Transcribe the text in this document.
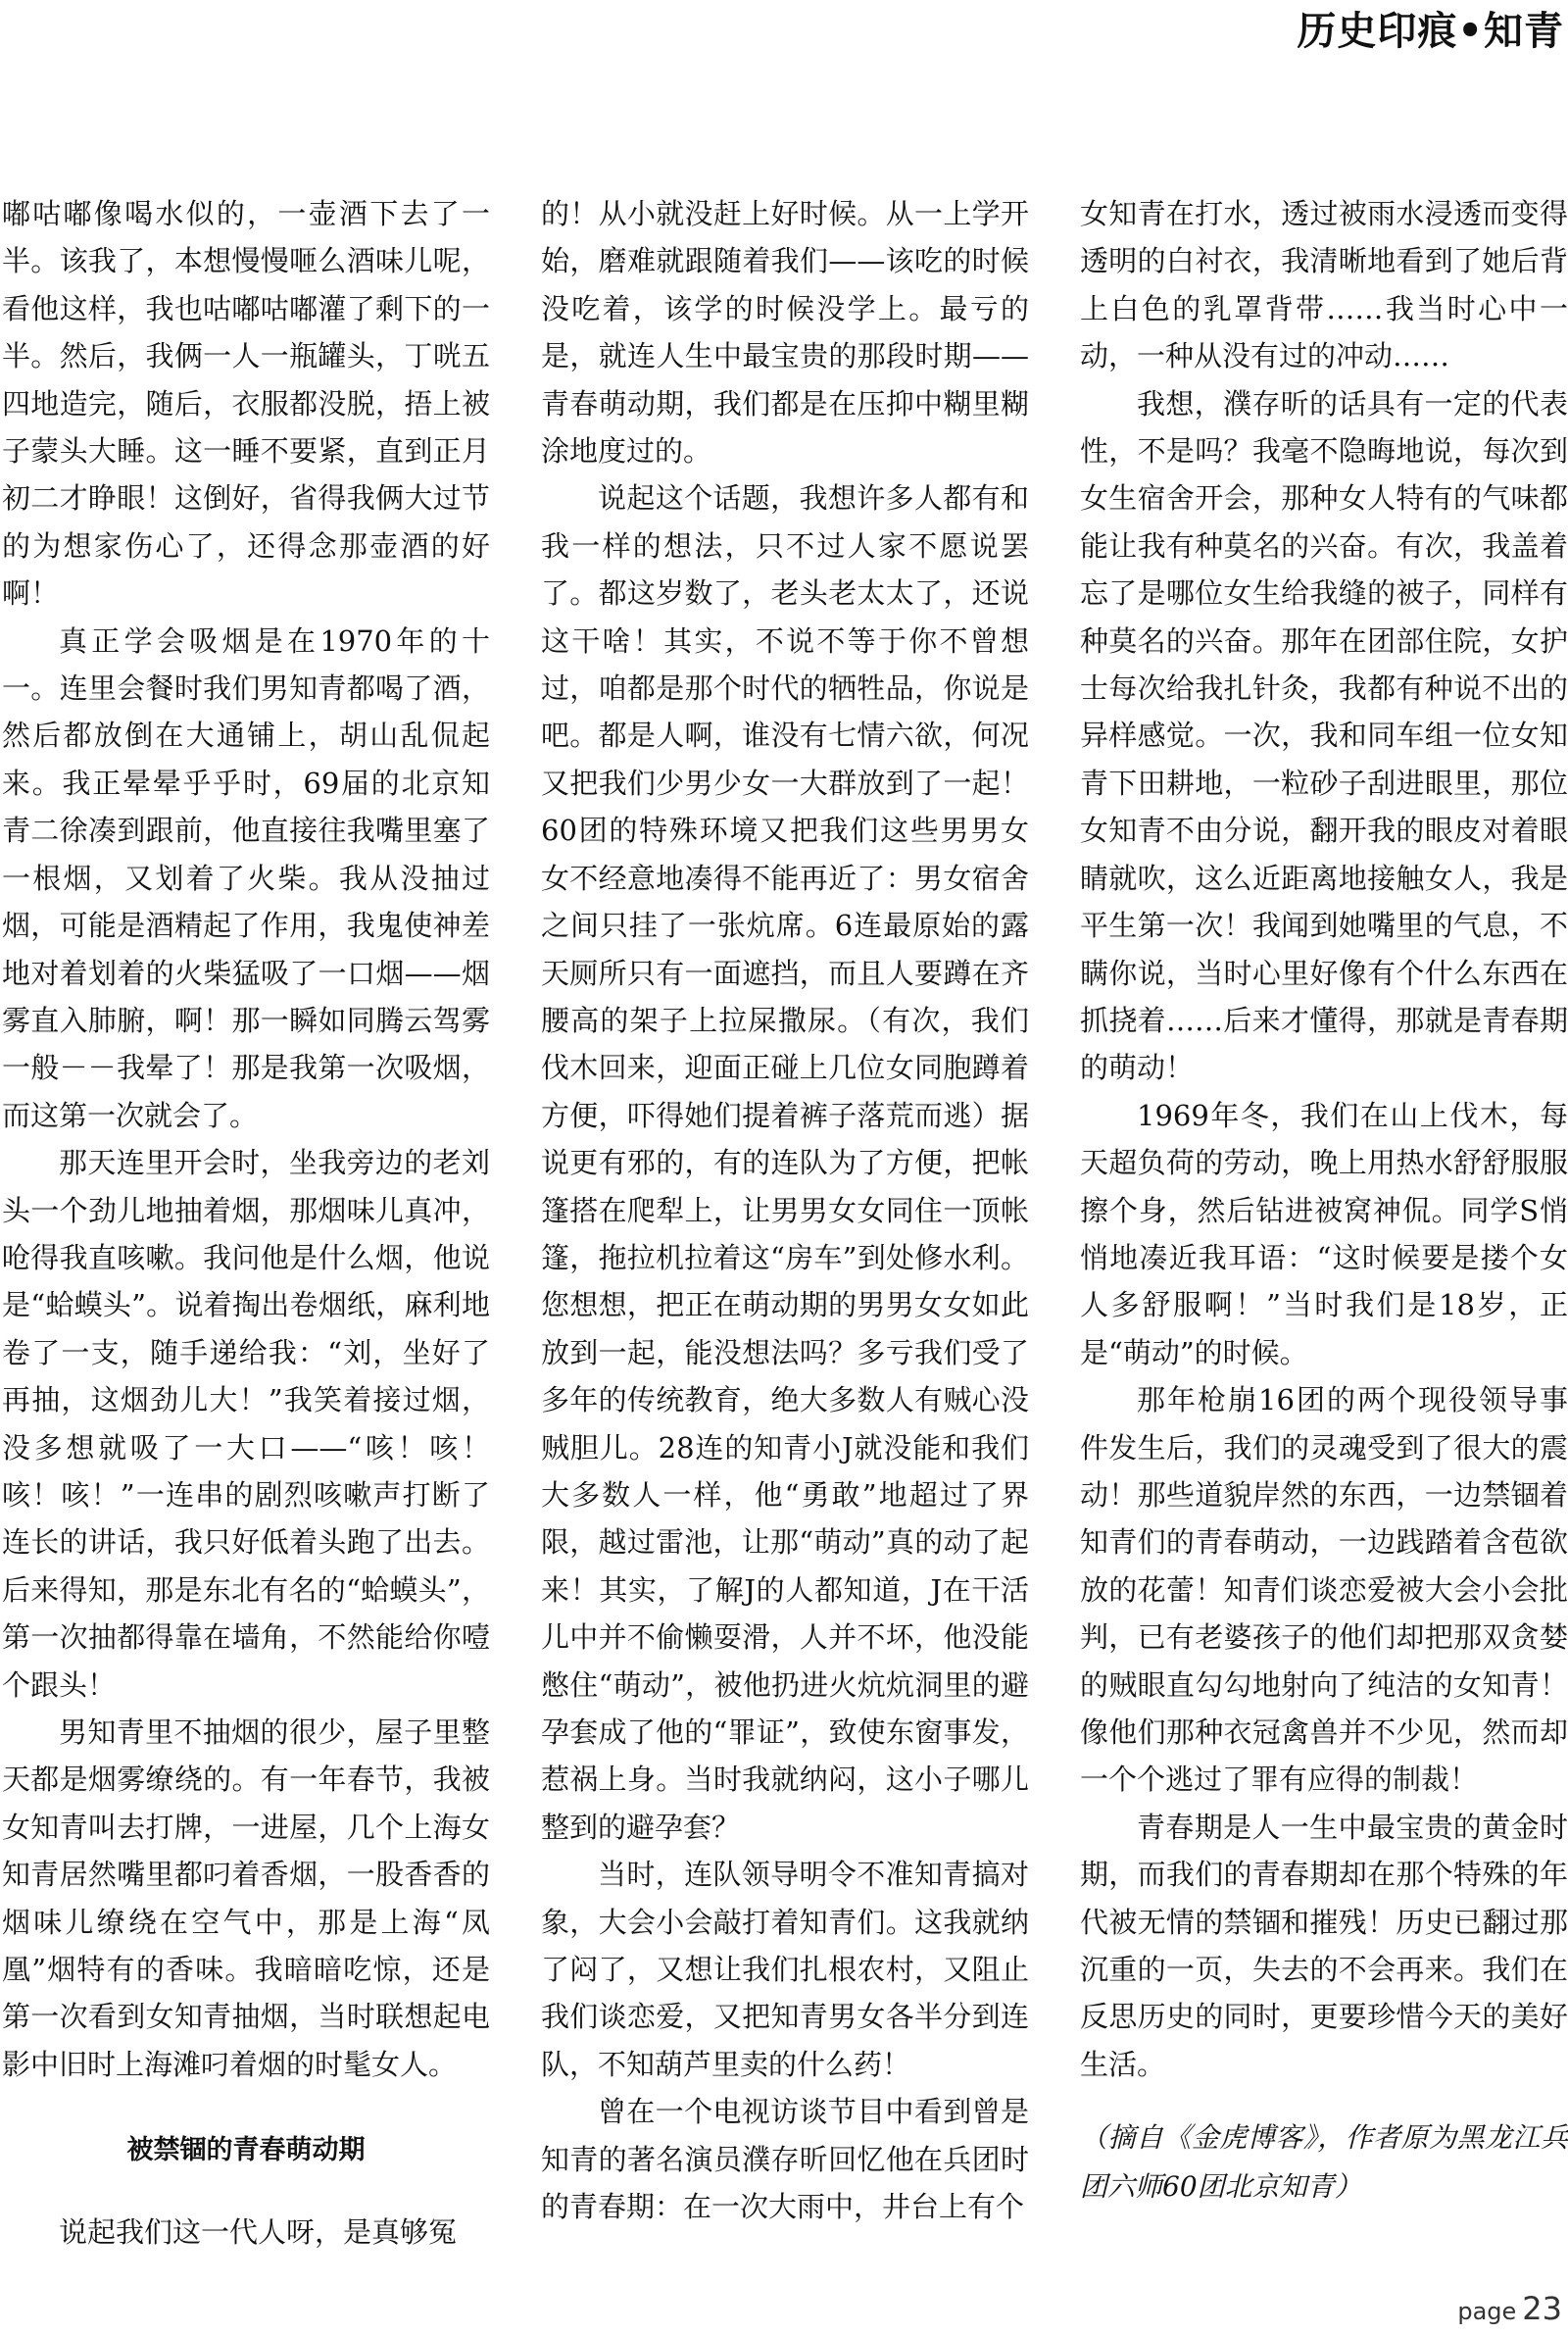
历史印痕•知青

嘟咕嘟像喝水似的，一壶酒下去了一半。该我了，本想慢慢咂么酒味儿呢，看他这样，我也咕嘟咕嘟灌了剩下的一半。然后，我俩一人一瓶罐头，丁咣五四地造完，随后，衣服都没脱，捂上被子蒙头大睡。这一睡不要紧，直到正月初二才睁眼！这倒好，省得我俩大过节的为想家伤心了，还得念那壶酒的好啊！

真正学会吸烟是在1970年的十一。连里会餐时我们男知青都喝了酒，然后都放倒在大通铺上，胡山乱侃起来。我正晕晕乎乎时，69届的北京知青二徐凑到跟前，他直接往我嘴里塞了一根烟，又划着了火柴。我从没抽过烟，可能是酒精起了作用，我鬼使神差地对着划着的火柴猛吸了一口烟——烟雾直入肺腑，啊！那一瞬如同腾云驾雾一般－－我晕了！那是我第一次吸烟，而这第一次就会了。

那天连里开会时，坐我旁边的老刘头一个劲儿地抽着烟，那烟味儿真冲，呛得我直咳嗽。我问他是什么烟，他说是“蛤蟆头”。说着掏出卷烟纸，麻利地卷了一支，随手递给我：“刘，坐好了再抽，这烟劲儿大！”我笑着接过烟，没多想就吸了一大口——“咳！咳！咳！咳！”一连串的剧烈咳嗽声打断了连长的讲话，我只好低着头跑了出去。后来得知，那是东北有名的“蛤蟆头”，第一次抽都得靠在墙角，不然能给你噎个跟头！

男知青里不抽烟的很少，屋子里整天都是烟雾缭绕的。有一年春节，我被女知青叫去打牌，一进屋，几个上海女知青居然嘴里都叼着香烟，一股香香的烟味儿缭绕在空气中，那是上海“凤凰”烟特有的香味。我暗暗吃惊，还是第一次看到女知青抽烟，当时联想起电影中旧时上海滩叼着烟的时髦女人。

被禁锢的青春萌动期

说起我们这一代人呀，是真够冤

的！从小就没赶上好时候。从一上学开始，磨难就跟随着我们——该吃的时候没吃着，该学的时候没学上。最亏的是，就连人生中最宝贵的那段时期——青春萌动期，我们都是在压抑中糊里糊涂地度过的。

说起这个话题，我想许多人都有和我一样的想法，只不过人家不愿说罢了。都这岁数了，老头老太太了，还说这干啥！其实，不说不等于你不曾想过，咱都是那个时代的牺牲品，你说是吧。都是人啊，谁没有七情六欲，何况又把我们少男少女一大群放到了一起！60团的特殊环境又把我们这些男男女女不经意地凑得不能再近了：男女宿舍之间只挂了一张炕席。6连最原始的露天厕所只有一面遮挡，而且人要蹲在齐腰高的架子上拉屎撒尿。（有次，我们伐木回来，迎面正碰上几位女同胞蹲着方便，吓得她们提着裤子落荒而逃）据说更有邪的，有的连队为了方便，把帐篷搭在爬犁上，让男男女女同住一顶帐篷，拖拉机拉着这“房车”到处修水利。您想想，把正在萌动期的男男女女如此放到一起，能没想法吗？多亏我们受了多年的传统教育，绝大多数人有贼心没贼胆儿。28连的知青小J就没能和我们大多数人一样，他“勇敢”地超过了界限，越过雷池，让那“萌动”真的动了起来！其实，了解J的人都知道，J在干活儿中并不偷懒耍滑，人并不坏，他没能憋住“萌动”，被他扔进火炕炕洞里的避孕套成了他的“罪证”，致使东窗事发，惹祸上身。当时我就纳闷，这小子哪儿整到的避孕套？

当时，连队领导明令不准知青搞对象，大会小会敲打着知青们。这我就纳了闷了，又想让我们扎根农村，又阻止我们谈恋爱，又把知青男女各半分到连队，不知葫芦里卖的什么药！

曾在一个电视访谈节目中看到曾是知青的著名演员濮存昕回忆他在兵团时的青春期：在一次大雨中，井台上有个

女知青在打水，透过被雨水浸透而变得透明的白衬衣，我清晰地看到了她后背上白色的乳罩背带……我当时心中一动，一种从没有过的冲动……

我想，濮存昕的话具有一定的代表性，不是吗？我毫不隐晦地说，每次到女生宿舍开会，那种女人特有的气味都能让我有种莫名的兴奋。有次，我盖着忘了是哪位女生给我缝的被子，同样有种莫名的兴奋。那年在团部住院，女护士每次给我扎针灸，我都有种说不出的异样感觉。一次，我和同车组一位女知青下田耕地，一粒砂子刮进眼里，那位女知青不由分说，翻开我的眼皮对着眼睛就吹，这么近距离地接触女人，我是平生第一次！我闻到她嘴里的气息，不瞒你说，当时心里好像有个什么东西在抓挠着……后来才懂得，那就是青春期的萌动！

1969年冬，我们在山上伐木，每天超负荷的劳动，晚上用热水舒舒服服擦个身，然后钻进被窝神侃。同学S悄悄地凑近我耳语：“这时候要是搂个女人多舒服啊！”当时我们是18岁，正是“萌动”的时候。

那年枪崩16团的两个现役领导事件发生后，我们的灵魂受到了很大的震动！那些道貌岸然的东西，一边禁锢着知青们的青春萌动，一边践踏着含苞欲放的花蕾！知青们谈恋爱被大会小会批判，已有老婆孩子的他们却把那双贪婪的贼眼直勾勾地射向了纯洁的女知青！像他们那种衣冠禽兽并不少见，然而却一个个逃过了罪有应得的制裁！

青春期是人一生中最宝贵的黄金时期，而我们的青春期却在那个特殊的年代被无情的禁锢和摧残！历史已翻过那沉重的一页，失去的不会再来。我们在反思历史的同时，更要珍惜今天的美好生活。

（摘自《金虎博客》，作者原为黑龙江兵团六师60团北京知青）

page 23
